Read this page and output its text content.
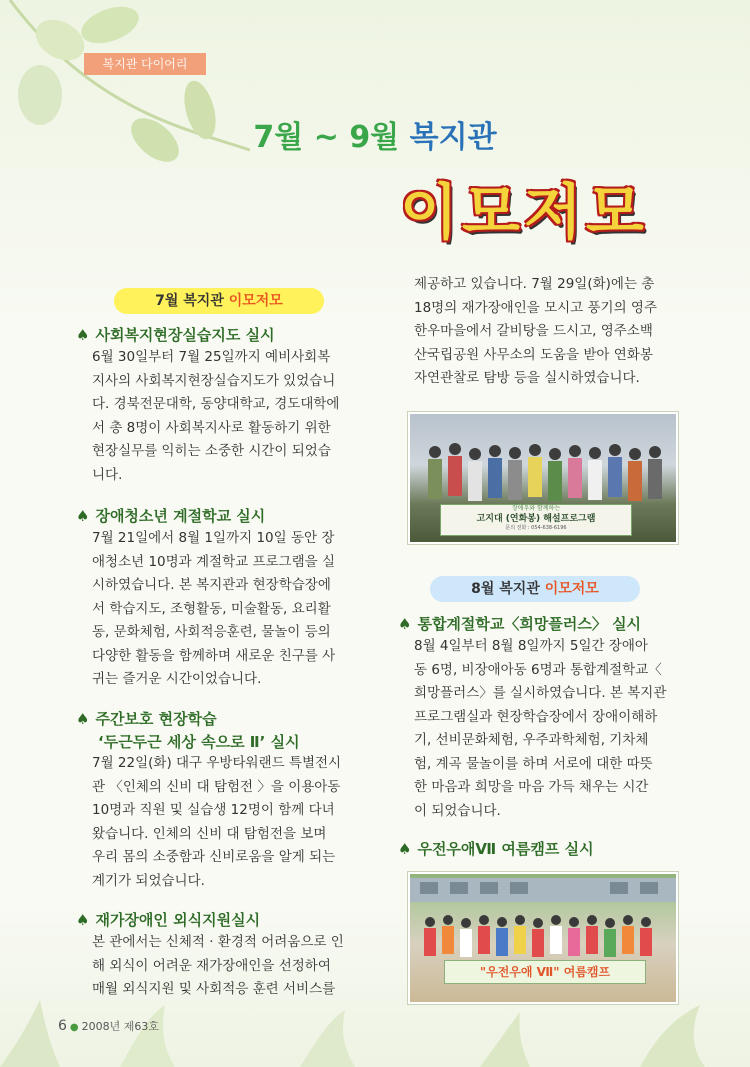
복지관 다이어리
7월 ~ 9월 복지관
이모저모
7월 복지관 이모저모
♠ 사회복지현장실습지도 실시
6월 30일부터 7월 25일까지 예비사회복
지사의 사회복지현장실습지도가 있었습니
다. 경북전문대학, 동양대학교, 경도대학에
서 총 8명이 사회복지사로 활동하기 위한
현장실무를 익히는 소중한 시간이 되었습
니다.
♠ 장애청소년 계절학교 실시
7월 21일에서 8월 1일까지 10일 동안 장
애청소년 10명과 계절학교 프로그램을 실
시하였습니다. 본 복지관과 현장학습장에
서 학습지도, 조형활동, 미술활동, 요리활
동, 문화체험, 사회적응훈련, 물놀이 등의
다양한 활동을 함께하며 새로운 친구를 사
귀는 즐거운 시간이었습니다.
♠ 주간보호 현장학습
‘두근두근 세상 속으로 Ⅱ’ 실시
7월 22일(화) 대구 우방타워랜드 특별전시
관 〈인체의 신비 대 탐험전 〉을 이용아동
10명과 직원 및 실습생 12명이 함께 다녀
왔습니다. 인체의 신비 대 탐험전을 보며
우리 몸의 소중함과 신비로움을 알게 되는
계기가 되었습니다.
♠ 재가장애인 외식지원실시
본 관에서는 신체적 · 환경적 어려움으로 인
해 외식이 어려운 재가장애인을 선정하여
매월 외식지원 및 사회적응 훈련 서비스를
제공하고 있습니다. 7월 29일(화)에는 총
18명의 재가장애인을 모시고 풍기의 영주
한우마을에서 갈비탕을 드시고, 영주소백
산국립공원 사무소의 도움을 받아 연화봉
자연관찰로 탐방 등을 실시하였습니다.
장애우와 함께하는
고지대 (연화봉) 해설프로그램
문의 전화 : 054-638-6196
8월 복지관 이모저모
♠ 통합계절학교〈희망플러스〉 실시
8월 4일부터 8월 8일까지 5일간 장애아
동 6명, 비장애아동 6명과 통합계절학교〈
희망플러스〉를 실시하였습니다. 본 복지관
프로그램실과 현장학습장에서 장애이해하
기, 선비문화체험, 우주과학체험, 기차체
험, 계곡 물놀이를 하며 서로에 대한 따뜻
한 마음과 희망을 마음 가득 채우는 시간
이 되었습니다.
♠ 우전우애Ⅶ 여름캠프 실시
"우전우애 Ⅶ" 여름캠프
6 ● 2008년 제63호
